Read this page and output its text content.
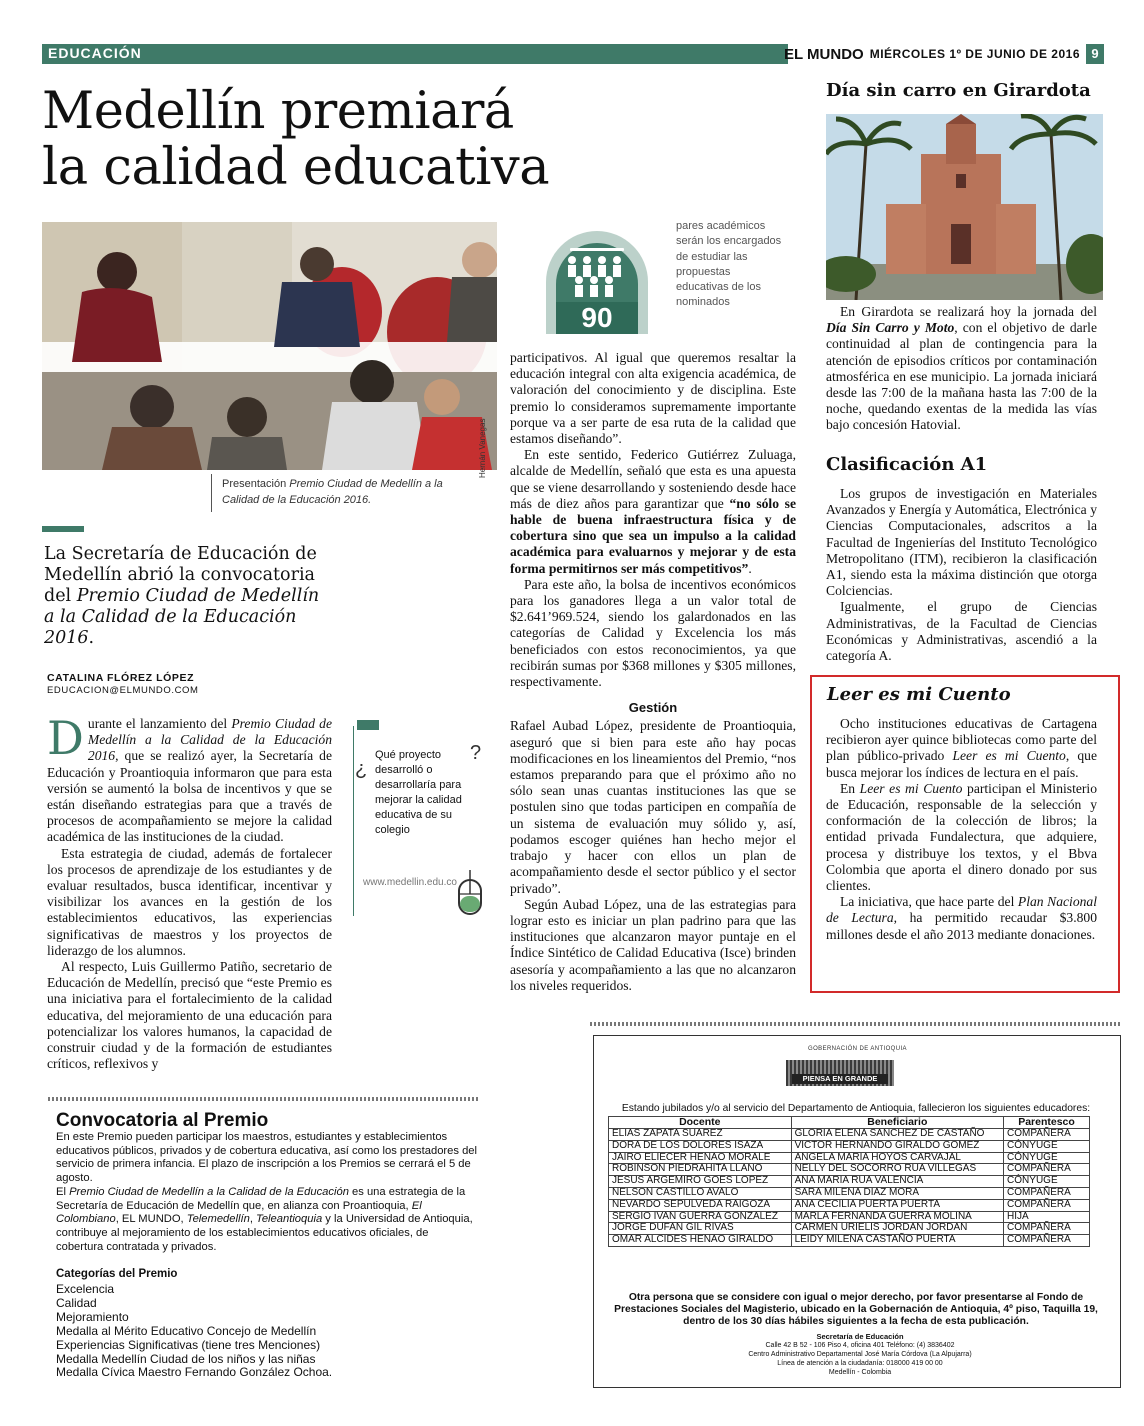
EDUCACIÓN	EL MUNDO MIÉRCOLES 1º DE JUNIO DE 2016 9
Medellín premiará
la calidad educativa
Hernán Vanegas
Presentación Premio Ciudad de Medellín a la Calidad de la Educación 2016.
La Secretaría de Educación de Medellín abrió la convocatoria del Premio Ciudad de Medellín a la Calidad de la Educación 2016.
CATALINA FLÓREZ LÓPEZ
EDUCACION@ELMUNDO.COM

Durante el lanzamiento del Premio Ciudad de Medellín a la Calidad de la Educación 2016, que se realizó ayer, la Secretaría de Educación y Proantioquia informaron que para esta versión se aumentó la bolsa de incentivos y que se están diseñando estrategias para que a través de procesos de acompañamiento se mejore la calidad académica de las instituciones de la ciudad.

Esta estrategia de ciudad, además de fortalecer los procesos de aprendizaje de los estudiantes y de evaluar resultados, busca identificar, incentivar y visibilizar los avances en la gestión de los establecimientos educativos, las experiencias significativas de maestros y los proyectos de liderazgo de los alumnos.

Al respecto, Luis Guillermo Patiño, secretario de Educación de Medellín, precisó que “este Premio es una iniciativa para el fortalecimiento de la calidad educativa, del mejoramiento de una educación para potencializar los valores humanos, la capacidad de construir ciudad y de la formación de estudiantes críticos, reflexivos y

¿
?
Qué proyecto desarrolló o desarrollaría para mejorar la calidad educativa de su colegio
www.medellin.edu.co
90
pares académicos serán los encargados de estudiar las propuestas educativas de los nominados

participativos. Al igual que queremos resaltar la educación integral con alta exigencia académica, de valoración del conocimiento y de disciplina. Este premio lo consideramos supremamente importante porque va a ser parte de esa ruta de la calidad que estamos diseñando”.

En este sentido, Federico Gutiérrez Zuluaga, alcalde de Medellín, señaló que esta es una apuesta que se viene desarrollando y sosteniendo desde hace más de diez años para garantizar que “no sólo se hable de buena infraestructura física y de cobertura sino que sea un impulso a la calidad académica para evaluarnos y mejorar y de esta forma permitirnos ser más competitivos”.

Para este año, la bolsa de incentivos económicos para los ganadores llega a un valor total de $2.641’969.524, siendo los galardonados en las categorías de Calidad y Excelencia los más beneficiados con estos reconocimientos, ya que recibirán sumas por $368 millones y $305 millones, respectivamente.

Gestión

Rafael Aubad López, presidente de Proantioquia, aseguró que si bien para este año hay pocas modificaciones en los lineamientos del Premio, “nos estamos preparando para que el próximo año no sólo sean unas cuantas instituciones las que se postulen sino que todas participen en compañía de un sistema de evaluación muy sólido y, así, podamos escoger quiénes han hecho mejor el trabajo y hacer con ellos un plan de acompañamiento desde el sector público y el sector privado”.

Según Aubad López, una de las estrategias para lograr esto es iniciar un plan padrino para que las instituciones que alcanzaron mayor puntaje en el Índice Sintético de Calidad Educativa (Isce) brinden asesoría y acompañamiento a las que no alcanzaron los niveles requeridos.

Día sin carro en Girardota

En Girardota se realizará hoy la jornada del Día Sin Carro y Moto, con el objetivo de darle continuidad al plan de contingencia para la atención de episodios críticos por contaminación atmosférica en ese municipio. La jornada iniciará desde las 7:00 de la mañana hasta las 7:00 de la noche, quedando exentas de la medida las vías bajo concesión Hatovial.

Clasificación A1

Los grupos de investigación en Materiales Avanzados y Energía y Automática, Electrónica y Ciencias Computacionales, adscritos a la Facultad de Ingenierías del Instituto Tecnológico Metropolitano (ITM), recibieron la clasificación A1, siendo esta la máxima distinción que otorga Colciencias.

Igualmente, el grupo de Ciencias Administrativas, de la Facultad de Ciencias Económicas y Administrativas, ascendió a la categoría A.

Leer es mi Cuento

Ocho instituciones educativas de Cartagena recibieron ayer quince bibliotecas como parte del plan público-privado Leer es mi Cuento, que busca mejorar los índices de lectura en el país.

En Leer es mi Cuento participan el Ministerio de Educación, responsable de la selección y conformación de la colección de libros; la entidad privada Fundalectura, que adquiere, procesa y distribuye los textos, y el Bbva Colombia que aporta el dinero donado por sus clientes.

La iniciativa, que hace parte del Plan Nacional de Lectura, ha permitido recaudar $3.800 millones desde el año 2013 mediante donaciones.

Convocatoria al Premio
En este Premio pueden participar los maestros, estudiantes y establecimientos educativos públicos, privados y de cobertura educativa, así como los prestadores del servicio de primera infancia. El plazo de inscripción a los Premios se cerrará el 5 de agosto.
El Premio Ciudad de Medellín a la Calidad de la Educación es una estrategia de la Secretaría de Educación de Medellín que, en alianza con Proantioquia, El Colombiano, EL MUNDO, Telemedellín, Teleantioquia y la Universidad de Antioquia, contribuye al mejoramiento de los establecimientos educativos oficiales, de cobertura contratada y privados.
Categorías del Premio
Excelencia
Calidad
Mejoramiento
Medalla al Mérito Educativo Concejo de Medellín
Experiencias Significativas (tiene tres Menciones)
Medalla Medellín Ciudad de los niños y las niñas
Medalla Cívica Maestro Fernando González Ochoa.
GOBERNACIÓN DE ANTIOQUIA
PIENSA EN GRANDE
Estando jubilados y/o al servicio del Departamento de Antioquia, fallecieron los siguientes educadores:
Docente	Beneficiario	Parentesco
ELIAS ZAPATA SUAREZ	GLORIA ELENA SANCHEZ DE CASTAÑO	COMPAÑERA
DORA DE LOS DOLORES ISAZA	VICTOR HERNANDO GIRALDO GOMEZ	CÓNYUGE
JAIRO ELIECER HENAO MORALE	ANGELA MARIA HOYOS CARVAJAL	CÓNYUGE
ROBINSON PIEDRAHITA LLANO	NELLY DEL SOCORRO RUA VILLEGAS	COMPAÑERA
JESUS ARGEMIRO GOES LOPEZ	ANA MARIA RUA VALENCIA	CÓNYUGE
NELSON CASTILLO AVALO	SARA MILENA DIAZ MORA	COMPAÑERA
NEVARDO SEPULVEDA RAIGOZA	ANA CECILIA PUERTA PUERTA	COMPAÑERA
SERGIO IVAN GUERRA GONZALEZ	MARLA FERNANDA GUERRA MOLINA	HIJA
JORGE DUFAN GIL RIVAS	CARMEN URIELIS JORDAN JORDAN	COMPAÑERA
OMAR ALCIDES HENAO GIRALDO	LEIDY MILENA CASTAÑO PUERTA	COMPAÑERA
Otra persona que se considere con igual o mejor derecho, por favor presentarse al Fondo de Prestaciones Sociales del Magisterio, ubicado en la Gobernación de Antioquia, 4º piso, Taquilla 19, dentro de los 30 días hábiles siguientes a la fecha de esta publicación.
Secretaría de Educación
Calle 42 B 52 - 106 Piso 4, oficina 401 Teléfono: (4) 3836402
Centro Administrativo Departamental José María Córdova (La Alpujarra)
Línea de atención a la ciudadanía: 018000 419 00 00
Medellín - Colombia
